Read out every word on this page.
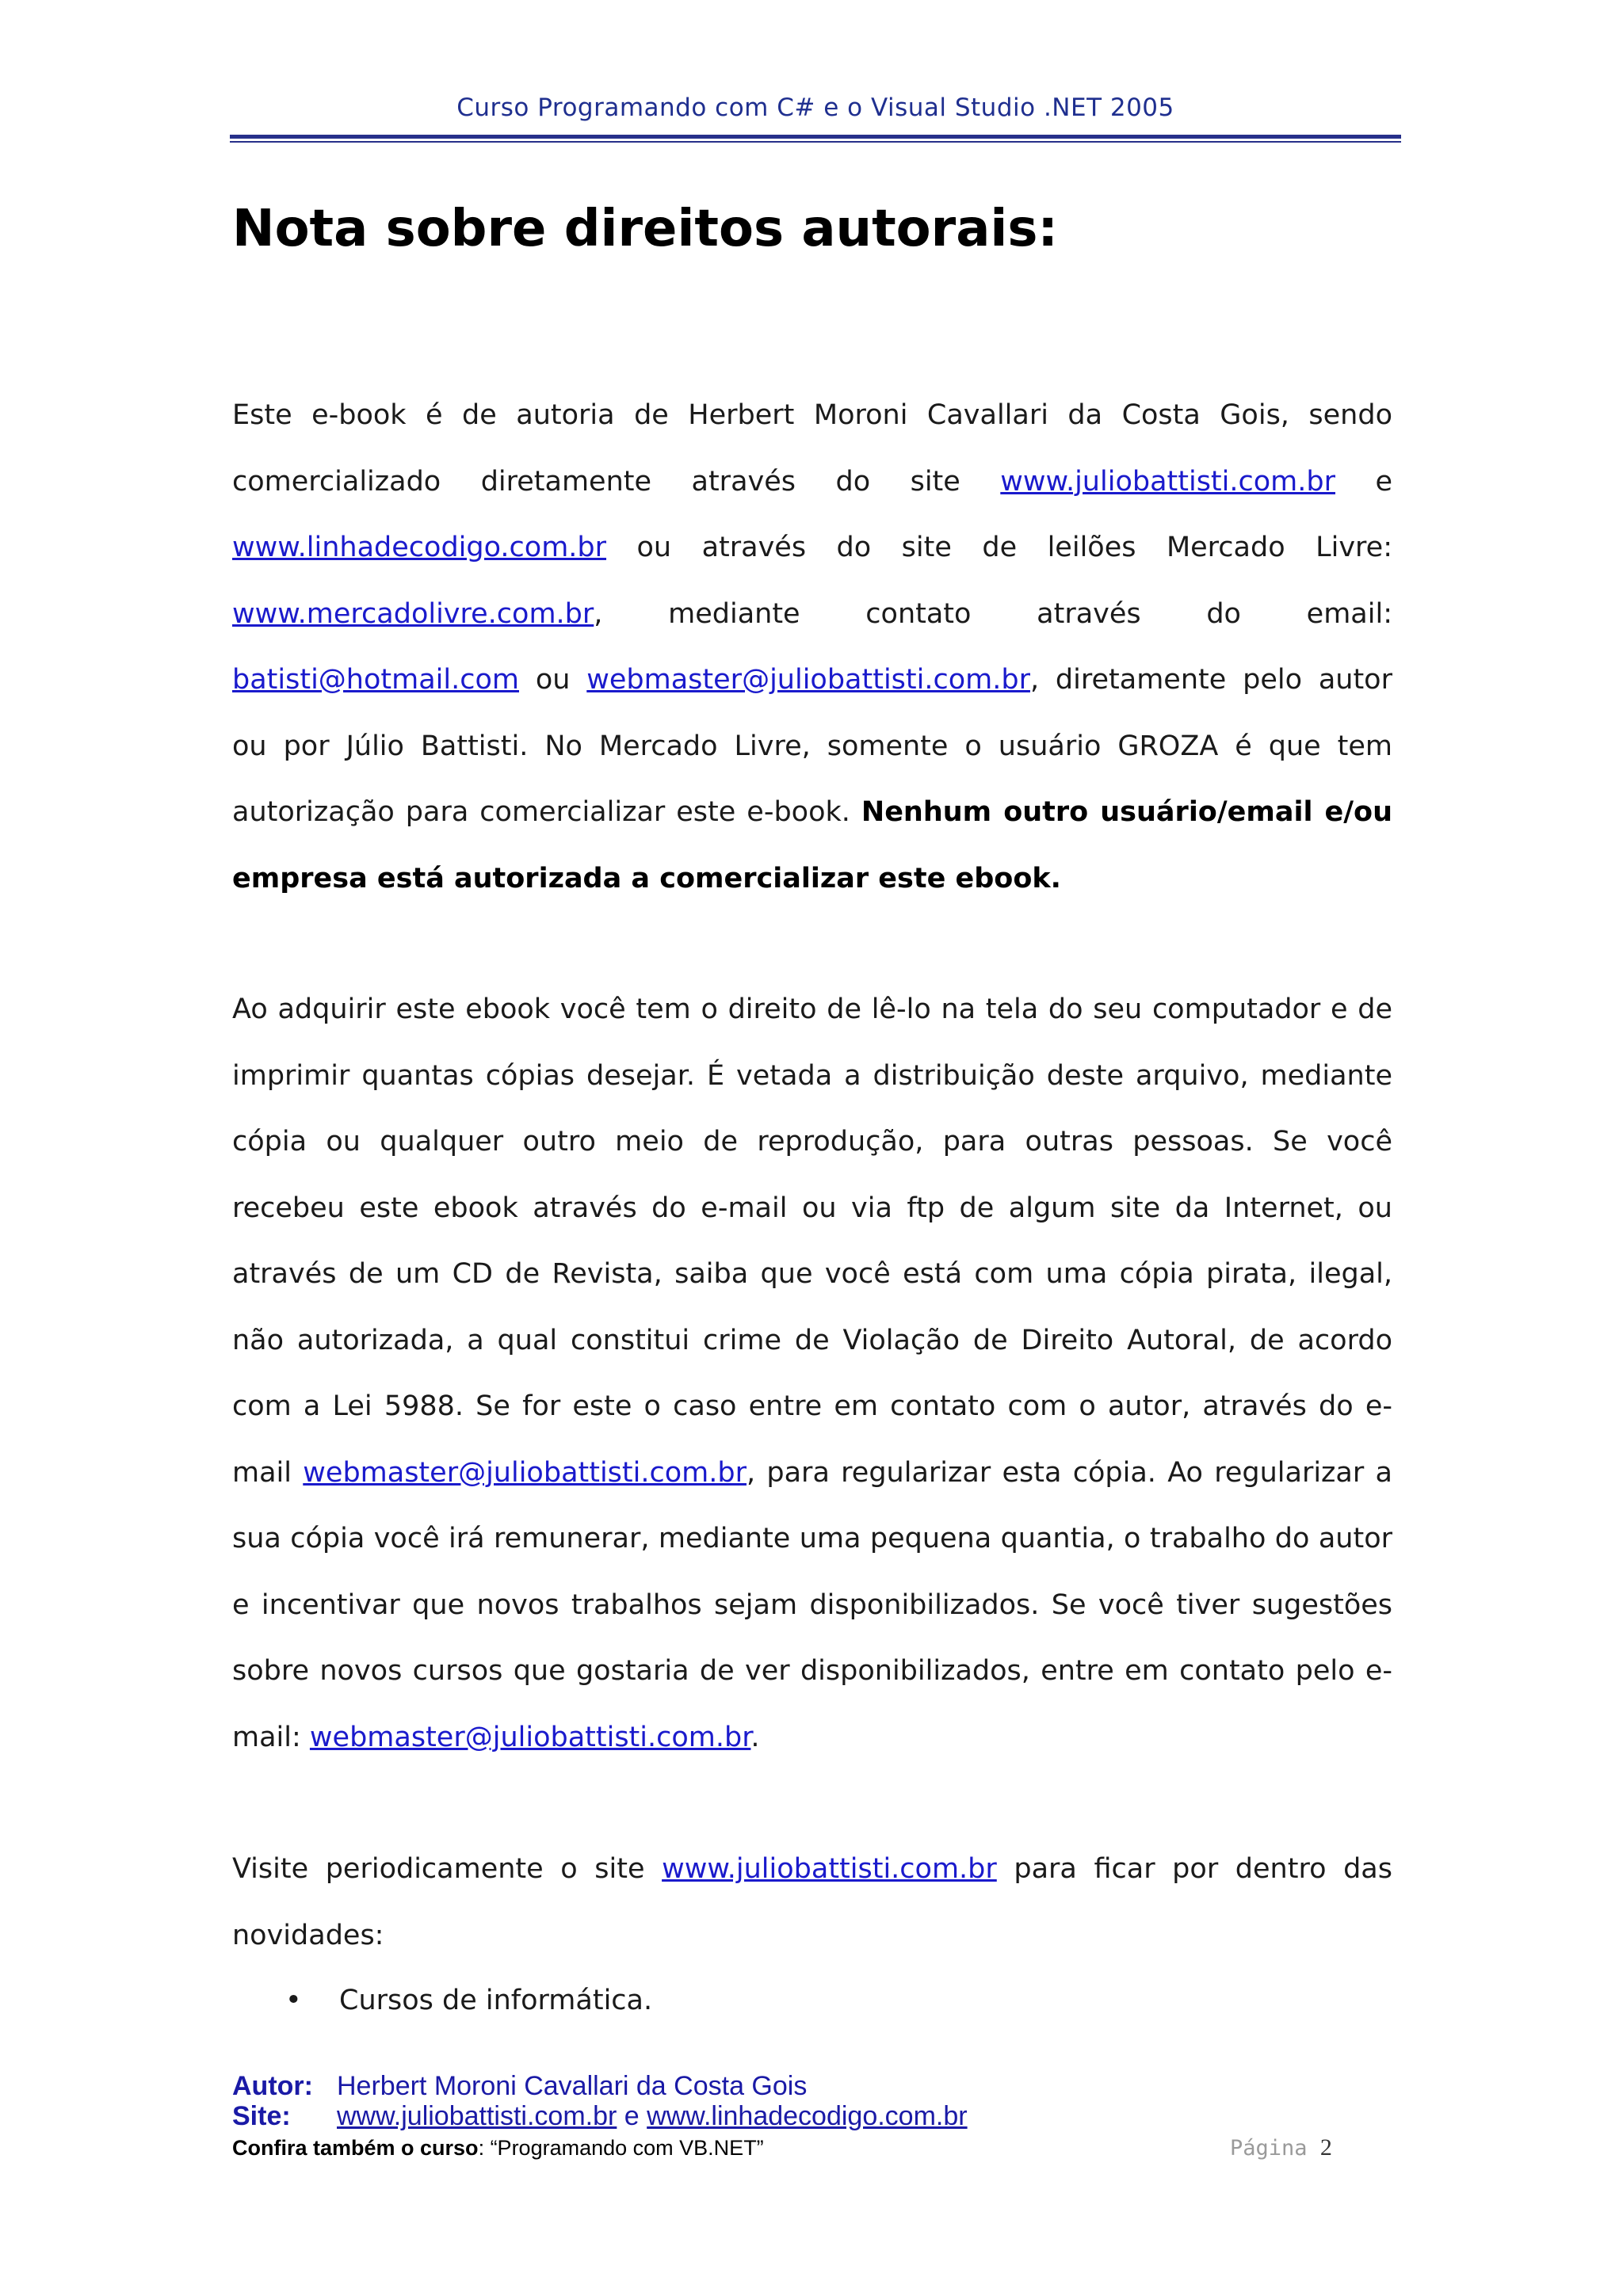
Curso Programando com C# e o Visual Studio .NET 2005
Nota sobre direitos autorais:

Este e-book é de autoria de Herbert Moroni Cavallari da Costa Gois, sendo comercializado diretamente através do site www.juliobattisti.com.br e www.linhadecodigo.com.br ou através do site de leilões Mercado Livre: www.mercadolivre.com.br, mediante contato através do email: batisti@hotmail.com ou webmaster@juliobattisti.com.br, diretamente pelo autor ou por Júlio Battisti. No Mercado Livre, somente o usuário GROZA é que tem autorização para comercializar este e-book. Nenhum outro usuário/email e/ou empresa está autorizada a comercializar este ebook.

Ao adquirir este ebook você tem o direito de lê-lo na tela do seu computador e de imprimir quantas cópias desejar. É vetada a distribuição deste arquivo, mediante cópia ou qualquer outro meio de reprodução, para outras pessoas. Se você recebeu este ebook através do e-mail ou via ftp de algum site da Internet, ou através de um CD de Revista, saiba que você está com uma cópia pirata, ilegal, não autorizada, a qual constitui crime de Violação de Direito Autoral, de acordo com a Lei 5988. Se for este o caso entre em contato com o autor, através do e-mail webmaster@juliobattisti.com.br, para regularizar esta cópia. Ao regularizar a sua cópia você irá remunerar, mediante uma pequena quantia, o trabalho do autor e incentivar que novos trabalhos sejam disponibilizados. Se você tiver sugestões sobre novos cursos que gostaria de ver disponibilizados, entre em contato pelo e-mail: webmaster@juliobattisti.com.br.

Visite periodicamente o site www.juliobattisti.com.br para ficar por dentro das novidades:

• Cursos de informática.
Autor: Herbert Moroni Cavallari da Costa Gois
Site: www.juliobattisti.com.br e www.linhadecodigo.com.br
Confira também o curso: “Programando com VB.NET”	Página 2
